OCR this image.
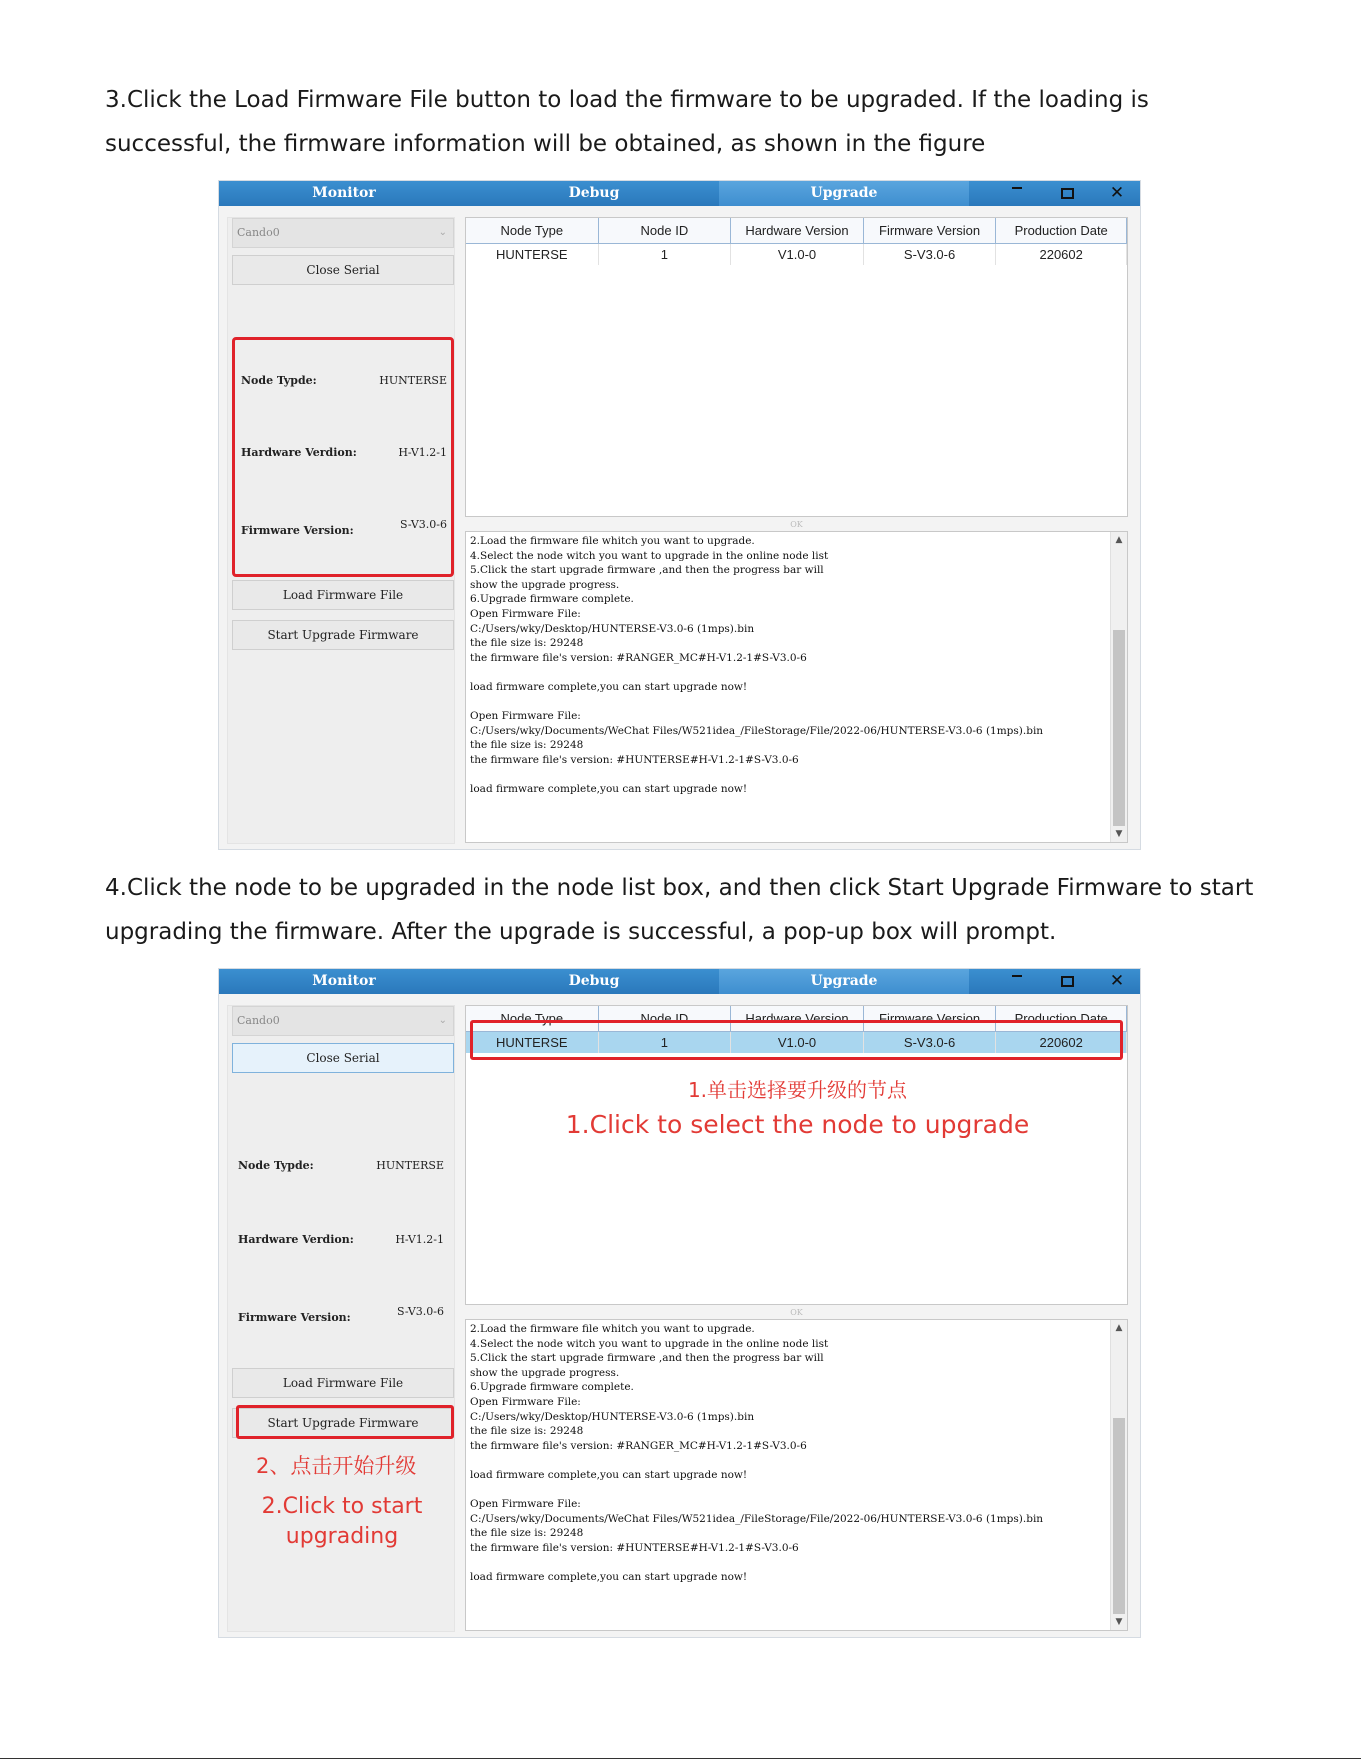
3.Click the Load Firmware File button to load the firmware to be upgraded. If the loading is successful, the firmware information will be obtained, as shown in the figure

Monitor	Debug	Upgrade	✕
Cando0	⌄
Close Serial
Node Typde:	HUNTERSE
Hardware Verdion:	H-V1.2-1
Firmware Version:	S-V3.0-6
Load Firmware File
Start Upgrade Firmware
Node Type	Node ID	Hardware Version	Firmware Version	Production Date
HUNTERSE	1	V1.0-0	S-V3.0-6	220602
OK
2.Load the firmware file whitch you want to upgrade.
4.Select the node witch you want to upgrade in the online node list
5.Click the start upgrade firmware ,and then the progress bar will
show the upgrade progress.
6.Upgrade firmware complete.
Open Firmware File:
C:/Users/wky/Desktop/HUNTERSE-V3.0-6 (1mps).bin
the file size is: 29248
the firmware file's version: #RANGER_MC#H-V1.2-1#S-V3.0-6
load firmware complete,you can start upgrade now!
Open Firmware File:
C:/Users/wky/Documents/WeChat Files/W521idea_/FileStorage/File/2022-06/HUNTERSE-V3.0-6 (1mps).bin
the file size is: 29248
the firmware file's version: #HUNTERSE#H-V1.2-1#S-V3.0-6
load firmware complete,you can start upgrade now!
▲
▼

4.Click the node to be upgraded in the node list box, and then click Start Upgrade Firmware to start upgrading the firmware. After the upgrade is successful, a pop-up box will prompt.

Monitor	Debug	Upgrade	✕
Cando0	⌄
Close Serial
Node Typde:	HUNTERSE
Hardware Verdion:	H-V1.2-1
Firmware Version:	S-V3.0-6
Load Firmware File
Start Upgrade Firmware
2、点击开始升级
2.Click to start
upgrading
Node Type	Node ID	Hardware Version	Firmware Version	Production Date
HUNTERSE	1	V1.0-0	S-V3.0-6	220602
1.单击选择要升级的节点
1.Click to select the node to upgrade
OK
2.Load the firmware file whitch you want to upgrade.
4.Select the node witch you want to upgrade in the online node list
5.Click the start upgrade firmware ,and then the progress bar will
show the upgrade progress.
6.Upgrade firmware complete.
Open Firmware File:
C:/Users/wky/Desktop/HUNTERSE-V3.0-6 (1mps).bin
the file size is: 29248
the firmware file's version: #RANGER_MC#H-V1.2-1#S-V3.0-6
load firmware complete,you can start upgrade now!
Open Firmware File:
C:/Users/wky/Documents/WeChat Files/W521idea_/FileStorage/File/2022-06/HUNTERSE-V3.0-6 (1mps).bin
the file size is: 29248
the firmware file's version: #HUNTERSE#H-V1.2-1#S-V3.0-6
load firmware complete,you can start upgrade now!
▲
▼
